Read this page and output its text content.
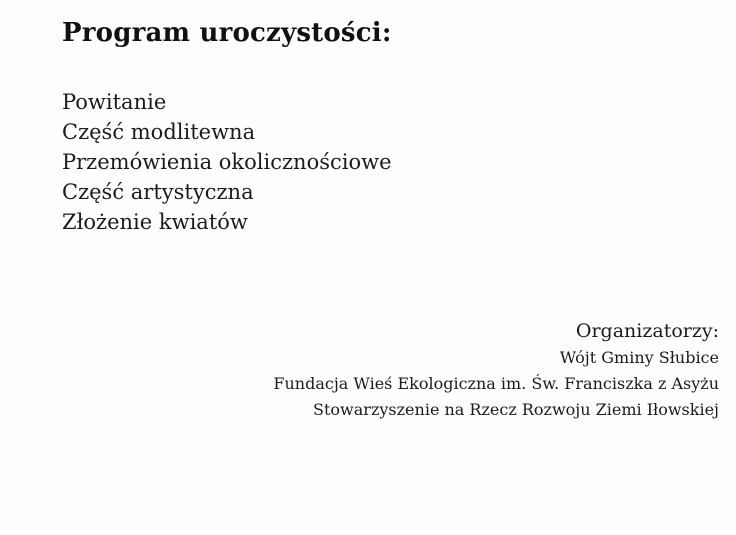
Program uroczystości:
Powitanie
Część modlitewna
Przemówienia okolicznościowe
Część artystyczna
Złożenie kwiatów
Organizatorzy:
Wójt Gminy Słubice
Fundacja Wieś Ekologiczna im. Św. Franciszka z Asyżu
Stowarzyszenie na Rzecz Rozwoju Ziemi Iłowskiej
